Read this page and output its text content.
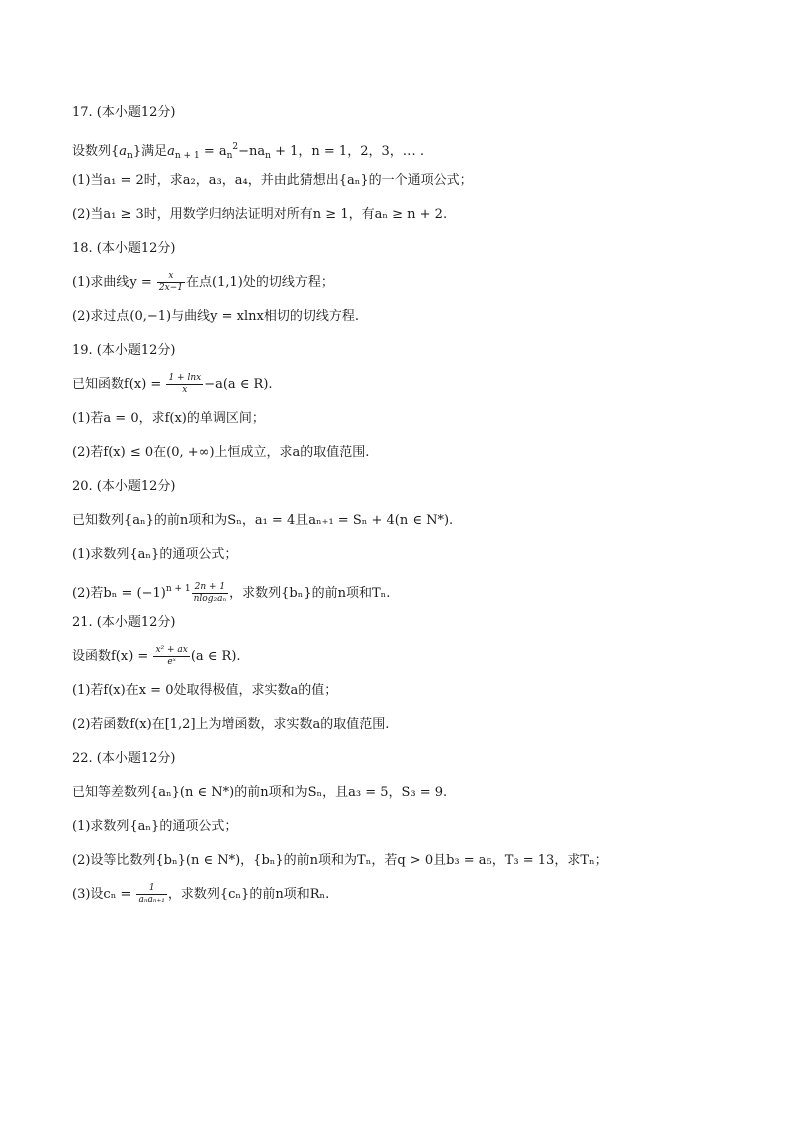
17. (本小题12分)
设数列$\{a_n\}$满足$a_{n + 1} = a_n^2-na_n + 1$，n = 1，2，3，… .
(1)当a₁ = 2时，求a₂，a₃，a₄，并由此猜想出{aₙ}的一个通项公式；
(2)当a₁ ≥ 3时，用数学归纳法证明对所有n ≥ 1，有aₙ ≥ n + 2.
18. (本小题12分)
(1)求曲线$y = \frac{x}{2x-1}$ 在点(1,1)处的切线方程；
(2)求过点(0,−1)与曲线y = xlnx相切的切线方程.
19. (本小题12分)
已知函数$f(x) = \frac{1 + \ln x}{x} -a(a$ ∈ R).
(1)若a = 0，求f(x)的单调区间；
(2)若f(x) ≤ 0在(0, +∞)上恒成立，求a的取值范围.
20. (本小题12分)
已知数列{aₙ}的前n项和为Sₙ，a₁ = 4且aₙ₊₁ = Sₙ + 4(n ∈ N*).
(1)求数列{aₙ}的通项公式；
(2)若$b_n = (-1)^{n + 1} \frac{2n + 1}{\text{nlog₂aₙ}}$ ，求数列{bₙ}的前n项和Tₙ.
21. (本小题12分)
设函数$f(x) = \frac{\text{x² + ax}}{\text{eˣ}} (a$ ∈ R).
(1)若f(x)在x = 0处取得极值，求实数a的值；
(2)若函数f(x)在[1,2]上为增函数，求实数a的取值范围.
22. (本小题12分)
已知等差数列{aₙ}(n ∈ N*)的前n项和为Sₙ，且a₃ = 5，S₃ = 9.
(1)求数列{aₙ}的通项公式；
(2)设等比数列{bₙ}(n ∈ N*)，{bₙ}的前n项和为Tₙ，若q > 0且b₃ = a₅，T₃ = 13，求Tₙ；
(3)设$c_n = \frac{1}{\text{aₙaₙ₊₁}}$ ，求数列{cₙ}的前n项和Rₙ.
